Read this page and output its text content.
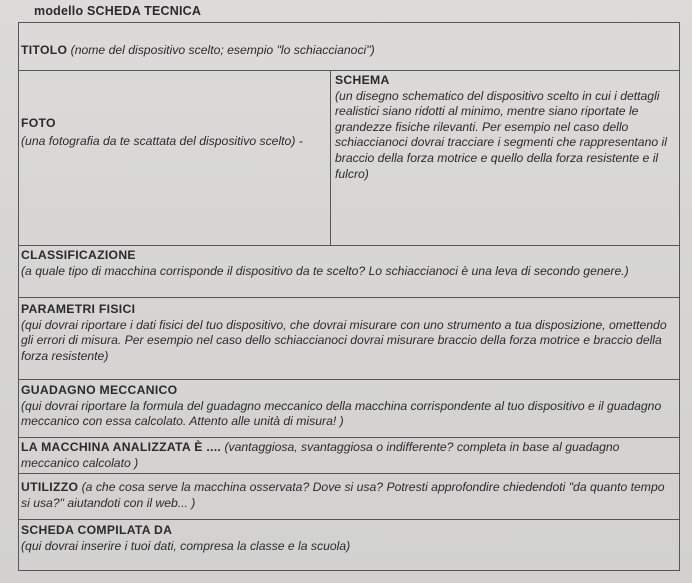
modello SCHEDA TECNICA
TITOLO (nome del dispositivo scelto; esempio "lo schiaccianoci")
FOTO
(una fotografia da te scattata del dispositivo scelto) -
SCHEMA
(un disegno schematico del dispositivo scelto in cui i dettagli realistici siano ridotti al minimo, mentre siano riportate le grandezze fisiche rilevanti. Per esempio nel caso dello schiaccianoci dovrai tracciare i segmenti che rappresentano il braccio della forza motrice e quello della forza resistente e il fulcro)
CLASSIFICAZIONE
(a quale tipo di macchina corrisponde il dispositivo da te scelto? Lo schiaccianoci è una leva di secondo genere.)
PARAMETRI FISICI
(qui dovrai riportare i dati fisici del tuo dispositivo, che dovrai misurare con uno strumento a tua disposizione, omettendo gli errori di misura. Per esempio nel caso dello schiaccianoci dovrai misurare braccio della forza motrice e braccio della forza resistente)
GUADAGNO MECCANICO
(qui dovrai riportare la formula del guadagno meccanico della macchina corrispondente al tuo dispositivo e il guadagno meccanico con essa calcolato. Attento alle unità di misura! )
LA MACCHINA ANALIZZATA È .... (vantaggiosa, svantaggiosa o indifferente? completa in base al guadagno meccanico calcolato )
UTILIZZO (a che cosa serve la macchina osservata? Dove si usa? Potresti approfondire chiedendoti "da quanto tempo si usa?" aiutandoti con il web... )
SCHEDA COMPILATA DA
(qui dovrai inserire i tuoi dati, compresa la classe e la scuola)
